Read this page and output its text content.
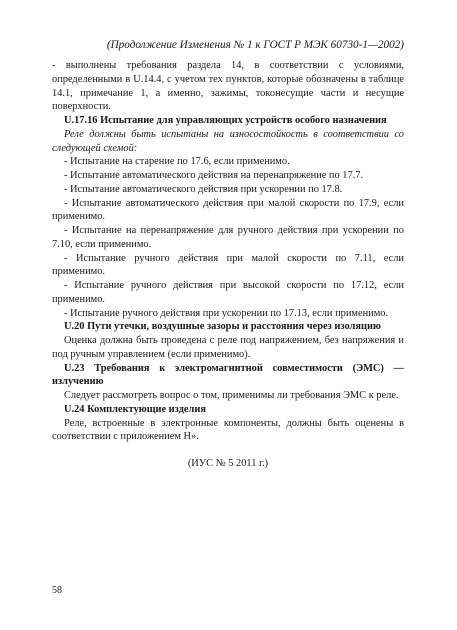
(Продолжение Изменения № 1 к ГОСТ Р МЭК 60730-1—2002)

- выполнены требования раздела 14, в соответствии с условиями, определенными в U.14.4, с учетом тех пунктов, которые обозначены в таблице 14.1, примечание 1, а именно, зажимы, токонесущие части и несущие поверхности.

U.17.16 Испытание для управляющих устройств особого назначения

Реле должны быть испытаны на износостойкость в соответствии со следующей схемой:

- Испытание на старение по 17.6, если применимо.

- Испытание автоматического действия на перенапряжение по 17.7.

- Испытание автоматического действия при ускорении по 17.8.

- Испытание автоматического действия при малой скорости по 17.9, если применимо.

- Испытание на перенапряжение для ручного действия при ускорении по 7.10, если применимо.

- Испытание ручного действия при малой скорости по 7.11, если применимо.

- Испытание ручного действия при высокой скорости по 17.12, если применимо.

- Испытание ручного действия при ускорении по 17.13, если применимо.

U.20 Пути утечки, воздушные зазоры и расстояния через изоляцию

Оценка должна быть проведена с реле под напряжением, без напряжения и под ручным управлением (если применимо).

U.23 Требования к электромагнитной совместимости (ЭМС) — излучению

Следует рассмотреть вопрос о том, применимы ли требования ЭМС к реле.

U.24 Комплектующие изделия

Реле, встроенные в электронные компоненты, должны быть оценены в соответствии с приложением Н».

(ИУС № 5 2011 г.)

58
